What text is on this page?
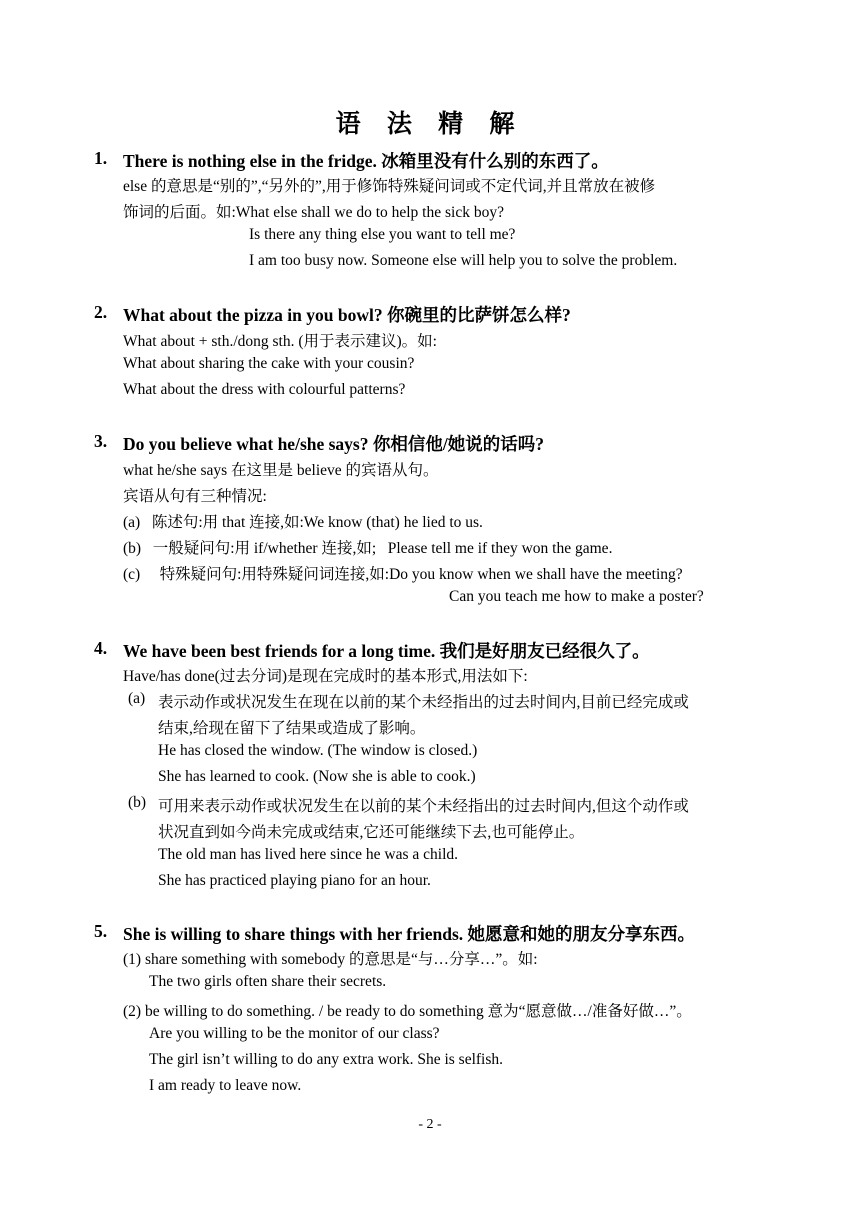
语 法 精 解
1. There is nothing else in the fridge. 冰箱里没有什么别的东西了。
else 的意思是“别的”,“另外的”,用于修饰特殊疑问词或不定代词,并且常放在被修
饰词的后面。如:What else shall we do to help the sick boy?
Is there any thing else you want to tell me?
I am too busy now. Someone else will help you to solve the problem.
2. What about the pizza in you bowl? 你碗里的比萨饼怎么样?
What about + sth./dong sth. (用于表示建议)。如:
What about sharing the cake with your cousin?
What about the dress with colourful patterns?
3. Do you believe what he/she says? 你相信他/她说的话吗?
what he/she says 在这里是 believe 的宾语从句。
宾语从句有三种情况:
(a)   陈述句:用 that 连接,如:We know (that) he lied to us.
(b)   一般疑问句:用 if/whether 连接,如;   Please tell me if they won the game.
(c)     特殊疑问句:用特殊疑问词连接,如:Do you know when we shall have the meeting?
Can you teach me how to make a poster?
4. We have been best friends for a long time. 我们是好朋友已经很久了。
Have/has done(过去分词)是现在完成时的基本形式,用法如下:
(a) 表示动作或状况发生在现在以前的某个未经指出的过去时间内,目前已经完成或
结束,给现在留下了结果或造成了影响。
He has closed the window. (The window is closed.)
She has learned to cook. (Now she is able to cook.)
(b) 可用来表示动作或状况发生在以前的某个未经指出的过去时间内,但这个动作或
状况直到如今尚未完成或结束,它还可能继续下去,也可能停止。
The old man has lived here since he was a child.
She has practiced playing piano for an hour.
5. She is willing to share things with her friends. 她愿意和她的朋友分享东西。
(1) share something with somebody 的意思是“与…分享…”。如:
The two girls often share their secrets.
(2) be willing to do something. / be ready to do something 意为“愿意做…/准备好做…”。
Are you willing to be the monitor of our class?
The girl isn’t willing to do any extra work. She is selfish.
I am ready to leave now.
- 2 -
